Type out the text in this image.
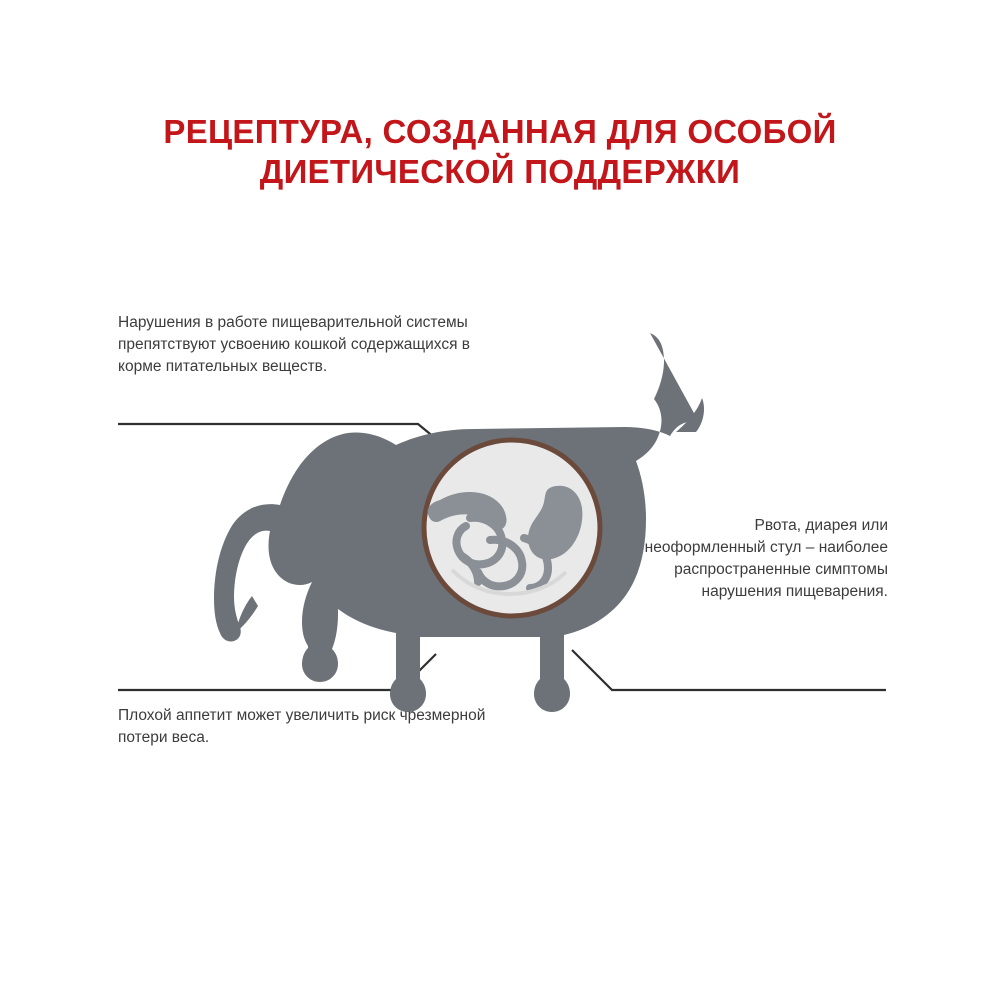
РЕЦЕПТУРА, СОЗДАННАЯ ДЛЯ ОСОБОЙ ДИЕТИЧЕСКОЙ ПОДДЕРЖКИ
Нарушения в работе пищеварительной системы препятствуют усвоению кошкой содержащихся в корме питательных веществ.
Рвота, диарея или неоформленный стул – наиболее распространенные симптомы нарушения пищеварения.
Плохой аппетит может увеличить риск чрезмерной потери веса.
